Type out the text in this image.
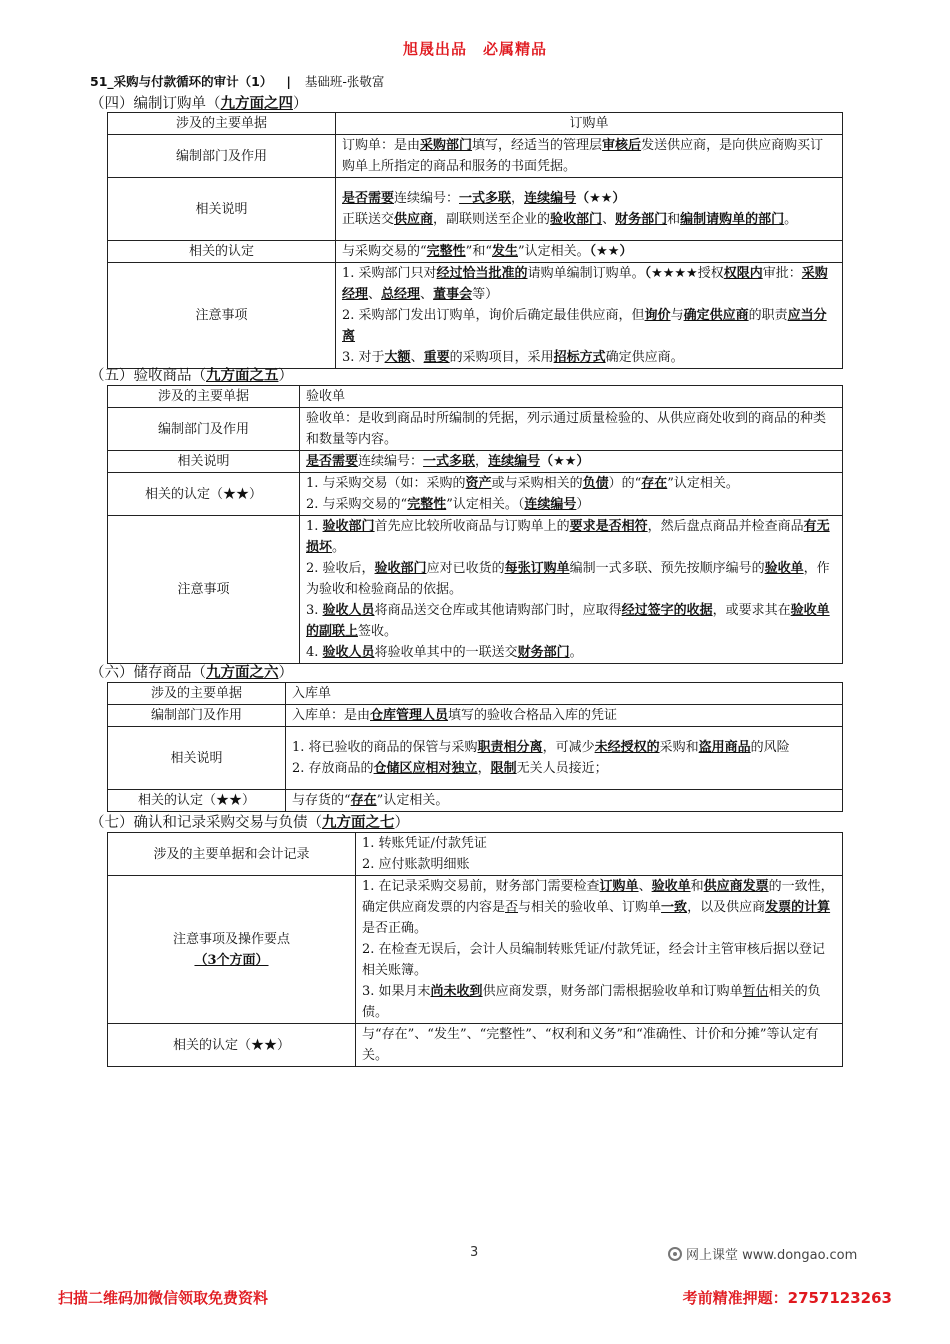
旭晟出品　必属精品
51_采购与付款循环的审计（1） | 基础班-张敬富
（四）编制订购单（九方面之四）
涉及的主要单据	订购单
编制部门及作用	订购单：是由采购部门填写，经适当的管理层审核后发送供应商，是向供应商购买订购单上所指定的商品和服务的书面凭据。
相关说明	是否需要连续编号：一式多联，连续编号（★★）
正联送交供应商，副联则送至企业的验收部门、财务部门和编制请购单的部门。

相关的认定	与采购交易的“完整性”和“发生”认定相关。（★★）
注意事项	1. 采购部门只对经过恰当批准的请购单编制订购单。（★★★★授权权限内审批：采购经理、总经理、董事会等）
2. 采购部门发出订购单，询价后确定最佳供应商，但询价与确定供应商的职责应当分离
3. 对于大额、重要的采购项目，采用招标方式确定供应商。
（五）验收商品（九方面之五）
涉及的主要单据	验收单
编制部门及作用	验收单：是收到商品时所编制的凭据，列示通过质量检验的、从供应商处收到的商品的种类和数量等内容。
相关说明	是否需要连续编号：一式多联，连续编号（★★）
相关的认定（★★）	1. 与采购交易（如：采购的资产或与采购相关的负债）的“存在”认定相关。
2. 与采购交易的“完整性”认定相关。（连续编号）

注意事项	1. 验收部门首先应比较所收商品与订购单上的要求是否相符，然后盘点商品并检查商品有无损坏。
2. 验收后，验收部门应对已收货的每张订购单编制一式多联、预先按顺序编号的验收单，作为验收和检验商品的依据。
3. 验收人员将商品送交仓库或其他请购部门时，应取得经过签字的收据，或要求其在验收单的副联上签收。
4. 验收人员将验收单其中的一联送交财务部门。
（六）储存商品（九方面之六）
涉及的主要单据	入库单
编制部门及作用	入库单：是由仓库管理人员填写的验收合格品入库的凭证
相关说明	1. 将已验收的商品的保管与采购职责相分离，可减少未经授权的采购和盗用商品的风险
2. 存放商品的仓储区应相对独立，限制无关人员接近；

相关的认定（★★）	与存货的“存在”认定相关。
（七）确认和记录采购交易与负债（九方面之七）
涉及的主要单据和会计记录	1. 转账凭证/付款凭证
2. 应付账款明细账

注意事项及操作要点
（3个方面）	1. 在记录采购交易前，财务部门需要检查订购单、验收单和供应商发票的一致性，确定供应商发票的内容是否与相关的验收单、订购单一致，以及供应商发票的计算是否正确。
2. 在检查无误后，会计人员编制转账凭证/付款凭证，经会计主管审核后据以登记相关账簿。
3. 如果月末尚未收到供应商发票，财务部门需根据验收单和订购单暂估相关的负债。

相关的认定（★★）	与“存在”、“发生”、“完整性”、“权利和义务”和“准确性、计价和分摊”等认定有关。
3	网上课堂 www.dongao.com
扫描二维码加微信领取免费资料	考前精准押题：2757123263
